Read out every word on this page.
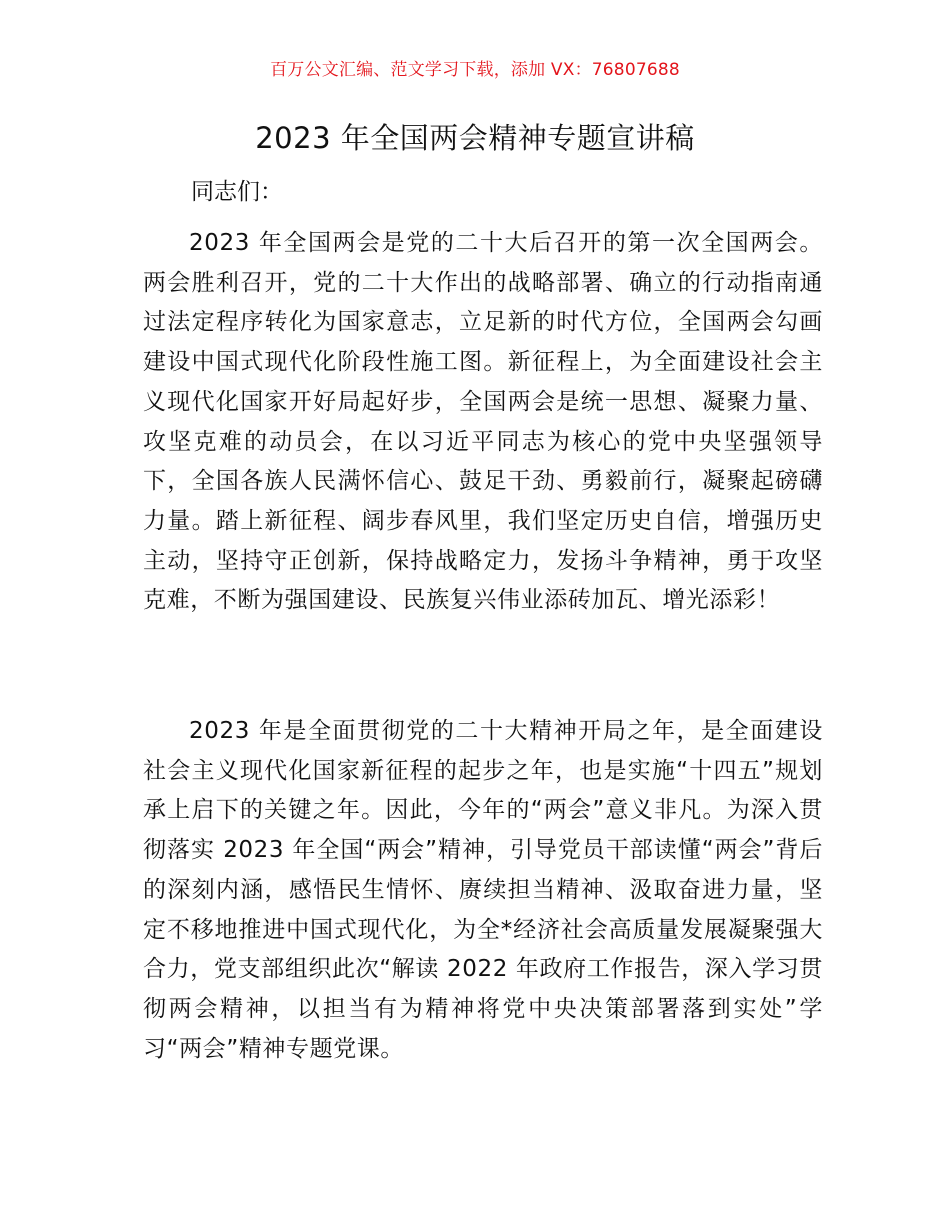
百万公文汇编、范文学习下载，添加 VX：76807688
2023 年全国两会精神专题宣讲稿
同志们：

2023 年全国两会是党的二十大后召开的第一次全国两会。两会胜利召开，党的二十大作出的战略部署、确立的行动指南通过法定程序转化为国家意志，立足新的时代方位，全国两会勾画建设中国式现代化阶段性施工图。新征程上，为全面建设社会主义现代化国家开好局起好步，全国两会是统一思想、凝聚力量、攻坚克难的动员会，在以习近平同志为核心的党中央坚强领导下，全国各族人民满怀信心、鼓足干劲、勇毅前行，凝聚起磅礴力量。踏上新征程、阔步春风里，我们坚定历史自信，增强历史主动，坚持守正创新，保持战略定力，发扬斗争精神，勇于攻坚克难，不断为强国建设、民族复兴伟业添砖加瓦、增光添彩！

2023 年是全面贯彻党的二十大精神开局之年，是全面建设社会主义现代化国家新征程的起步之年，也是实施“十四五”规划承上启下的关键之年。因此，今年的“两会”意义非凡。为深入贯彻落实 2023 年全国“两会”精神，引导党员干部读懂“两会”背后的深刻内涵，感悟民生情怀、赓续担当精神、汲取奋进力量，坚定不移地推进中国式现代化，为全*经济社会高质量发展凝聚强大合力，党支部组织此次“解读 2022 年政府工作报告，深入学习贯彻两会精神，以担当有为精神将党中央决策部署落到实处”学习“两会”精神专题党课。
